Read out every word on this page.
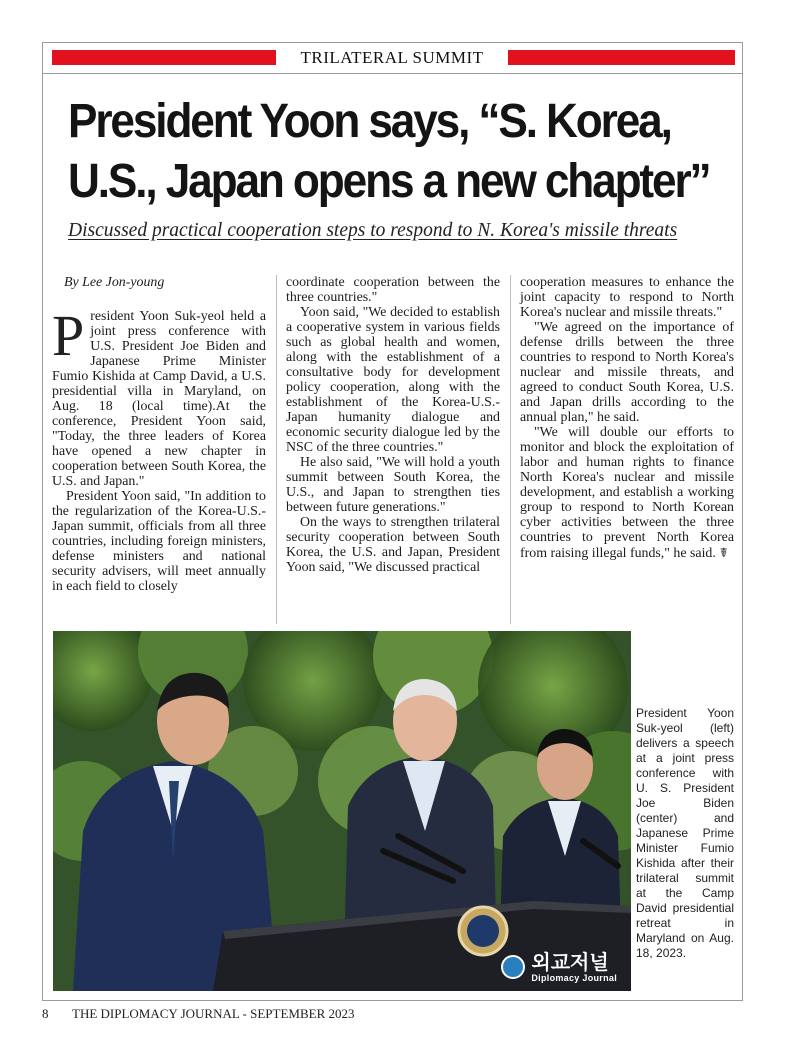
TRILATERAL SUMMIT
President Yoon says, “S. Korea,
U.S., Japan opens a new chapter”

Discussed practical cooperation steps to respond to N. Korea's missile threats

By Lee Jon-young

President Yoon Suk-yeol held a joint press conference with U.S. President Joe Biden and Japanese Prime Minister Fumio Kishida at Camp David, a U.S. presidential villa in Maryland, on Aug. 18 (local time).At the conference, President Yoon said, "Today, the three leaders of Korea have opened a new chapter in cooperation between South Korea, the U.S. and Japan."

President Yoon said, "In addition to the regularization of the Korea-U.S.-Japan summit, officials from all three countries, including foreign ministers, defense ministers and national security advisers, will meet annually in each field to closely

coordinate cooperation between the three countries."

Yoon said, "We decided to establish a cooperative system in various fields such as global health and women, along with the establishment of a consultative body for development policy cooperation, along with the establishment of the Korea-U.S.-Japan humanity dialogue and economic security dialogue led by the NSC of the three countries."

He also said, "We will hold a youth summit between South Korea, the U.S., and Japan to strengthen ties between future generations."

On the ways to strengthen trilateral security cooperation between South Korea, the U.S. and Japan, President Yoon said, "We discussed practical

cooperation measures to enhance the joint capacity to respond to North Korea's nuclear and missile threats."

"We agreed on the importance of defense drills between the three countries to respond to North Korea's nuclear and missile threats, and agreed to conduct South Korea, U.S. and Japan drills according to the annual plan," he said.

"We will double our efforts to monitor and block the exploitation of labor and human rights to finance North Korea's nuclear and missile development, and establish a working group to respond to North Korean cyber activities between the three countries to prevent North Korea from raising illegal funds," he said. ☤

외교저널
Diplomacy Journal

President Yoon Suk-yeol (left) delivers a speech at a joint press conference with U. S. President Joe Biden (center) and Japanese Prime Minister Fumio Kishida after their trilateral summit at the Camp David presidential retreat in Maryland on Aug. 18, 2023.

8 THE DIPLOMACY JOURNAL - SEPTEMBER 2023
